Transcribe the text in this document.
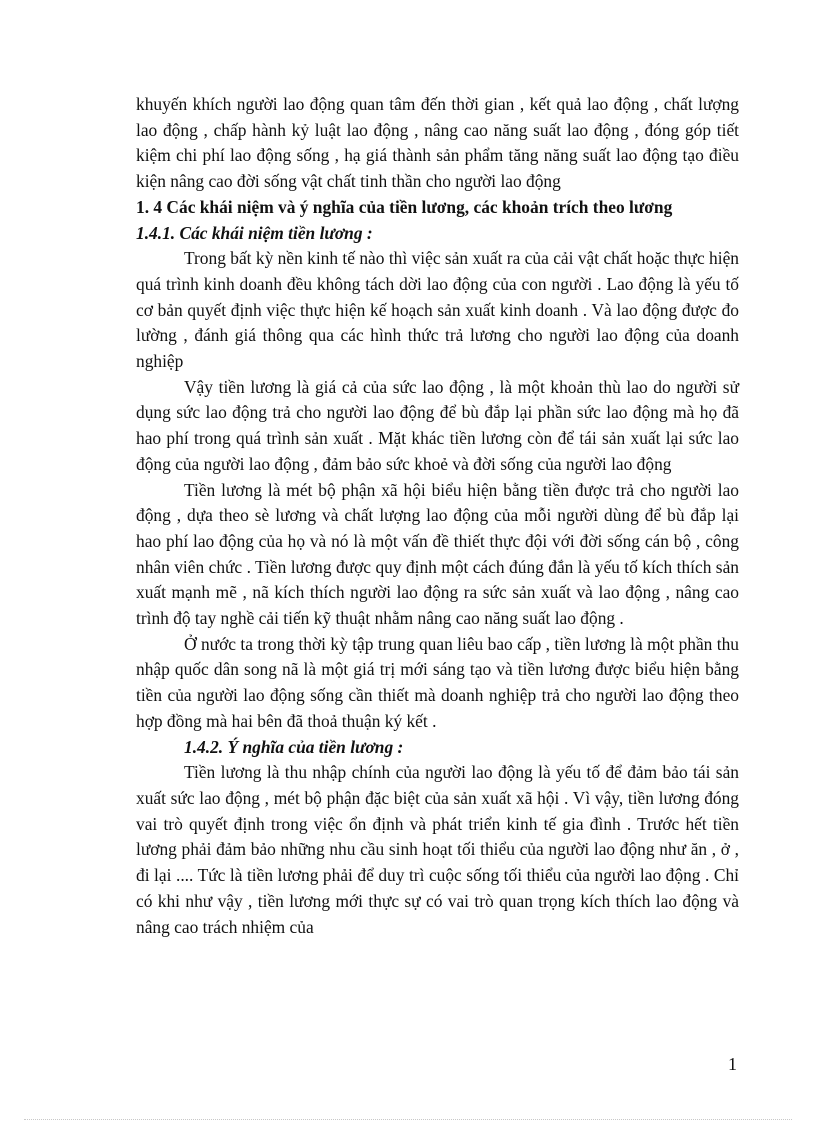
khuyến khích người lao động quan tâm đến thời gian , kết quả lao động , chất lượng lao động , chấp hành kỷ luật lao động , nâng cao năng suất lao động , đóng góp tiết kiệm chi phí lao động sống , hạ giá thành sản phẩm tăng năng suất lao động tạo điều kiện nâng cao đời sống vật chất tinh thần cho người lao động

1. 4 Các khái niệm và ý nghĩa của tiền lương, các khoản trích theo lương

1.4.1. Các khái niệm tiền lương :

Trong bất kỳ nền kinh tế nào thì việc sản xuất ra của cải vật chất hoặc thực hiện quá trình kinh doanh đều không tách dời lao động của con người . Lao động là yếu tố cơ bản quyết định việc thực hiện kế hoạch sản xuất kinh doanh . Và lao động được đo lường , đánh giá thông qua các hình thức trả lương cho người lao động của doanh nghiệp

Vậy tiền lương là giá cả của sức lao động , là một khoản thù lao do người sử dụng sức lao động trả cho người lao động để bù đắp lại phần sức lao động mà họ đã hao phí trong quá trình sản xuất . Mặt khác tiền lương còn để tái sản xuất lại sức lao động của người lao động , đảm bảo sức khoẻ và đời sống của người lao động

Tiền lương là mét bộ phận xã hội biểu hiện bằng tiền được trả cho người lao động , dựa theo sè lương và chất lượng lao động của mỗi người dùng để bù đắp lại hao phí lao động của họ và nó là một vấn đề thiết thực đội với đời sống cán bộ , công nhân viên chức . Tiền lương được quy định một cách đúng đắn là yếu tố kích thích sản xuất mạnh mẽ , nã kích thích người lao động ra sức sản xuất và lao động , nâng cao trình độ tay nghề cải tiến kỹ thuật nhằm nâng cao năng suất lao động .

Ở nước ta trong thời kỳ tập trung quan liêu bao cấp , tiền lương là một phần thu nhập quốc dân song nã là một giá trị mới sáng tạo và tiền lương được biểu hiện bằng tiền của người lao động sống cần thiết mà doanh nghiệp trả cho người lao động theo hợp đồng mà hai bên đã thoả thuận ký kết .

1.4.2. Ý nghĩa của tiền lương :

Tiền lương là thu nhập chính của người lao động là yếu tố để đảm bảo tái sản xuất sức lao động , mét bộ phận đặc biệt của sản xuất xã hội . Vì vậy, tiền lương đóng vai trò quyết định trong việc ổn định và phát triển kinh tế gia đình . Trước hết tiền lương phải đảm bảo những nhu cầu sinh hoạt tối thiểu của người lao động như ăn , ở , đi lại .... Tức là tiền lương phải để duy trì cuộc sống tối thiểu của người lao động . Chỉ có khi như vậy , tiền lương mới thực sự có vai trò quan trọng kích thích lao động và nâng cao trách nhiệm của

1
